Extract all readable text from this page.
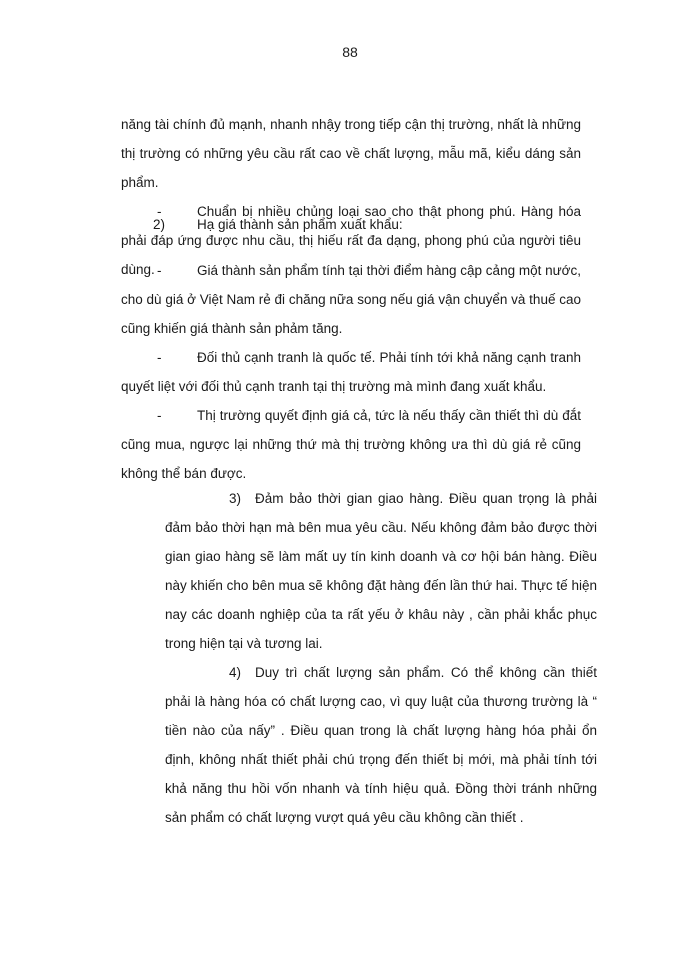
88

năng tài chính đủ mạnh, nhanh nhậy trong tiếp cận thị trường, nhất là những thị trường có những yêu cầu rất cao về chất lượng, mẫu mã, kiểu dáng sản phẩm.

-	Chuẩn bị nhiều chủng loại sao cho thật phong phú. Hàng hóa phải đáp ứng được nhu cầu, thị hiếu rất đa dạng, phong phú của người tiêu dùng.

2) Hạ giá thành sản phẩm xuất khẩu:

-	Giá thành sản phẩm tính tại thời điểm hàng cập cảng một nước, cho dù giá ở Việt Nam rẻ đi chăng nữa song nếu giá vận chuyển và thuế cao cũng khiến giá thành sản phảm tăng.

-	Đối thủ cạnh tranh là quốc tế. Phải tính tới khả năng cạnh tranh quyết liệt với đối thủ cạnh tranh tại thị trường mà mình đang xuất khẩu.

-	Thị trường quyết định giá cả, tức là nếu thấy cần thiết thì dù đắt cũng mua, ngược lại những thứ mà thị trường không ưa thì dù giá rẻ cũng không thể bán được.

3) Đảm bảo thời gian giao hàng. Điều quan trọng là phải đảm bảo thời hạn mà bên mua yêu cầu. Nếu không đảm bảo được thời gian giao hàng sẽ làm mất uy tín kinh doanh và cơ hội bán hàng. Điều này khiến cho bên mua sẽ không đặt hàng đến lần thứ hai. Thực tế hiện nay các doanh nghiệp của ta rất yếu ở khâu này , cần phải khắc phục trong hiện tại và tương lai.

4) Duy trì chất lượng sản phẩm. Có thể không cần thiết phải là hàng hóa có chất lượng cao, vì quy luật của thương trường là “ tiền nào của nấy” . Điều quan trong là chất lượng hàng hóa phải ổn định, không nhất thiết phải chú trọng đến thiết bị mới, mà phải tính tới khả năng thu hồi vốn nhanh và tính hiệu quả. Đồng thời tránh những sản phẩm có chất lượng vượt quá yêu cầu không cần thiết .
